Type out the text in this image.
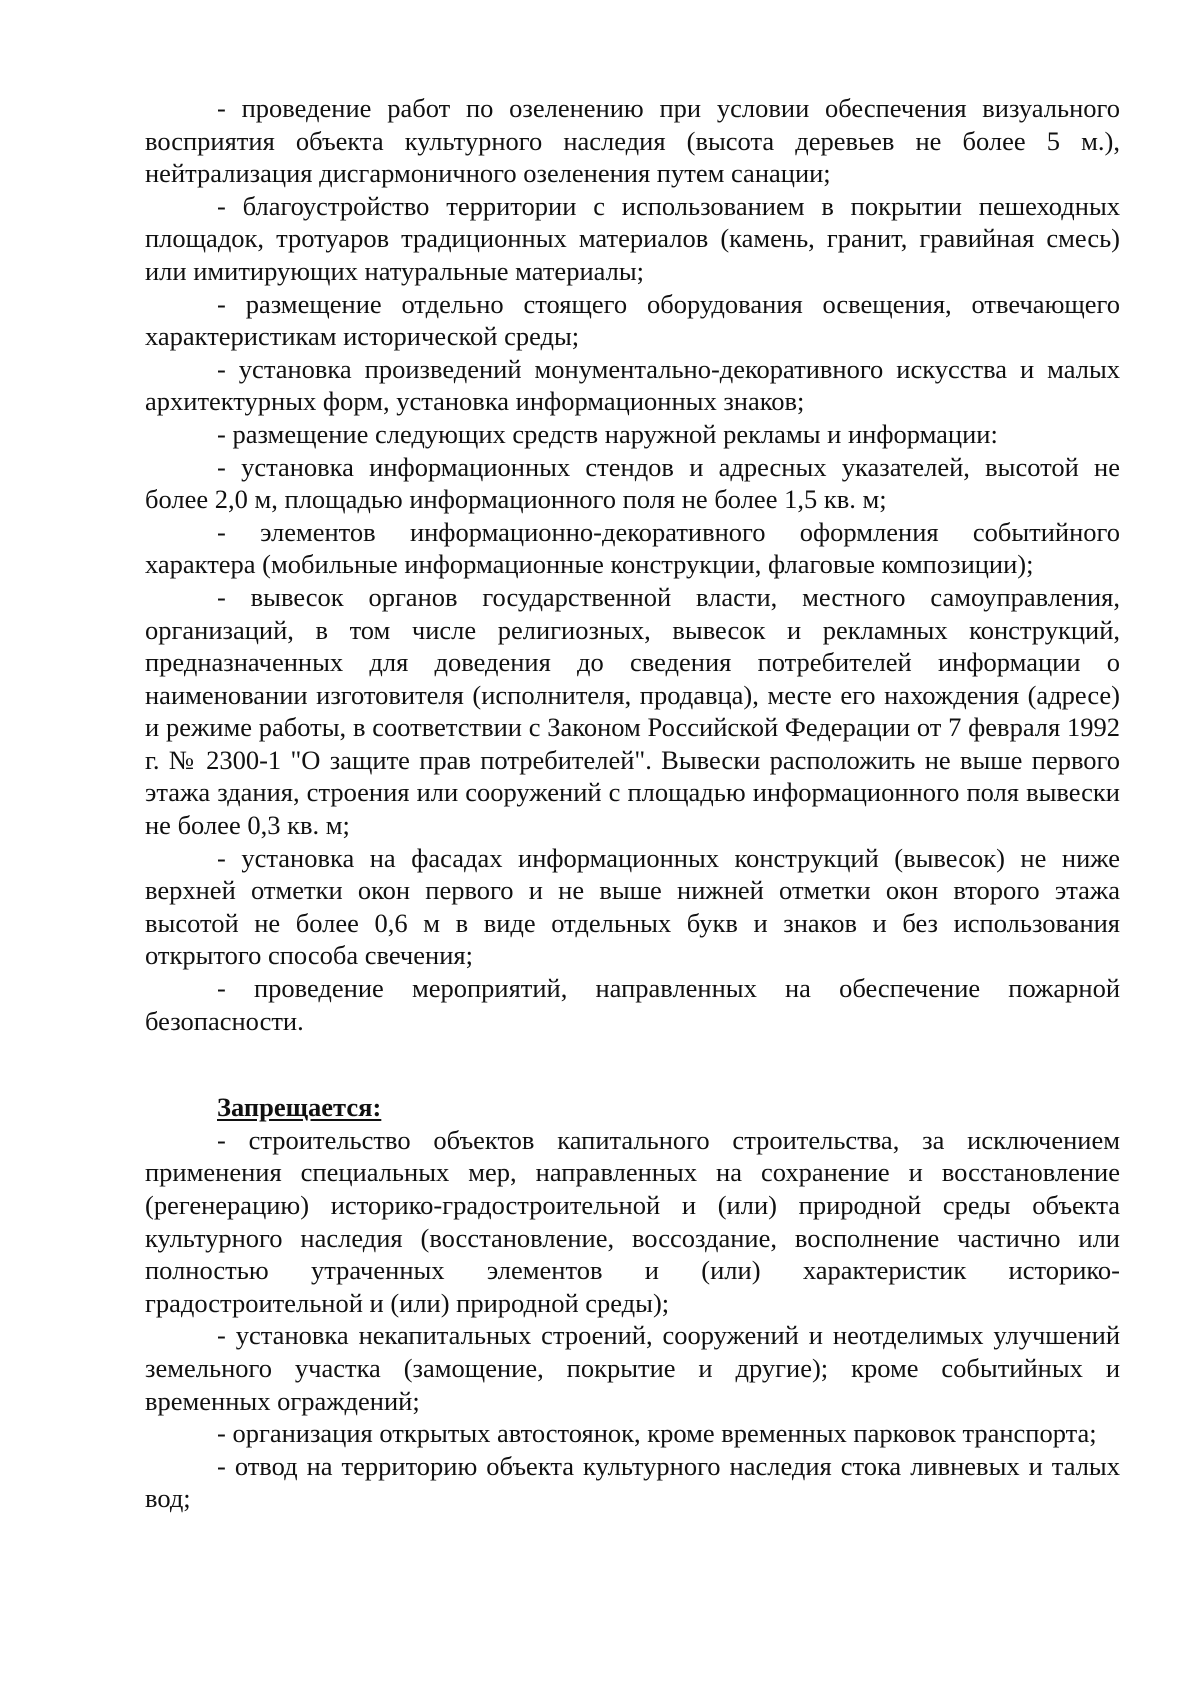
- проведение работ по озеленению при условии обеспечения визуального восприятия объекта культурного наследия (высота деревьев не более 5 м.), нейтрализация дисгармоничного озеленения путем санации;

- благоустройство территории с использованием в покрытии пешеходных площадок, тротуаров традиционных материалов (камень, гранит, гравийная смесь) или имитирующих натуральные материалы;

- размещение отдельно стоящего оборудования освещения, отвечающего характеристикам исторической среды;

- установка произведений монументально-декоративного искусства и малых архитектурных форм, установка информационных знаков;

- размещение следующих средств наружной рекламы и информации:

- установка информационных стендов и адресных указателей, высотой не более 2,0 м, площадью информационного поля не более 1,5 кв. м;

- элементов информационно-декоративного оформления событийного характера (мобильные информационные конструкции, флаговые композиции);

- вывесок органов государственной власти, местного самоуправления, организаций, в том числе религиозных, вывесок и рекламных конструкций, предназначенных для доведения до сведения потребителей информации о наименовании изготовителя (исполнителя, продавца), месте его нахождения (адресе) и режиме работы, в соответствии с Законом Российской Федерации от 7 февраля 1992 г. № 2300-1 "О защите прав потребителей". Вывески расположить не выше первого этажа здания, строения или сооружений с площадью информационного поля вывески не более 0,3 кв. м;

- установка на фасадах информационных конструкций (вывесок) не ниже верхней отметки окон первого и не выше нижней отметки окон второго этажа высотой не более 0,6 м в виде отдельных букв и знаков и без использования открытого способа свечения;

- проведение мероприятий, направленных на обеспечение пожарной безопасности.

Запрещается:

- строительство объектов капитального строительства, за исключением применения специальных мер, направленных на сохранение и восстановление (регенерацию) историко-градостроительной и (или) природной среды объекта культурного наследия (восстановление, воссоздание, восполнение частично или полностью утраченных элементов и (или) характеристик историко-градостроительной и (или) природной среды);

- установка некапитальных строений, сооружений и неотделимых улучшений земельного участка (замощение, покрытие и другие); кроме событийных и временных ограждений;

- организация открытых автостоянок, кроме временных парковок транспорта;

- отвод на территорию объекта культурного наследия стока ливневых и талых вод;
